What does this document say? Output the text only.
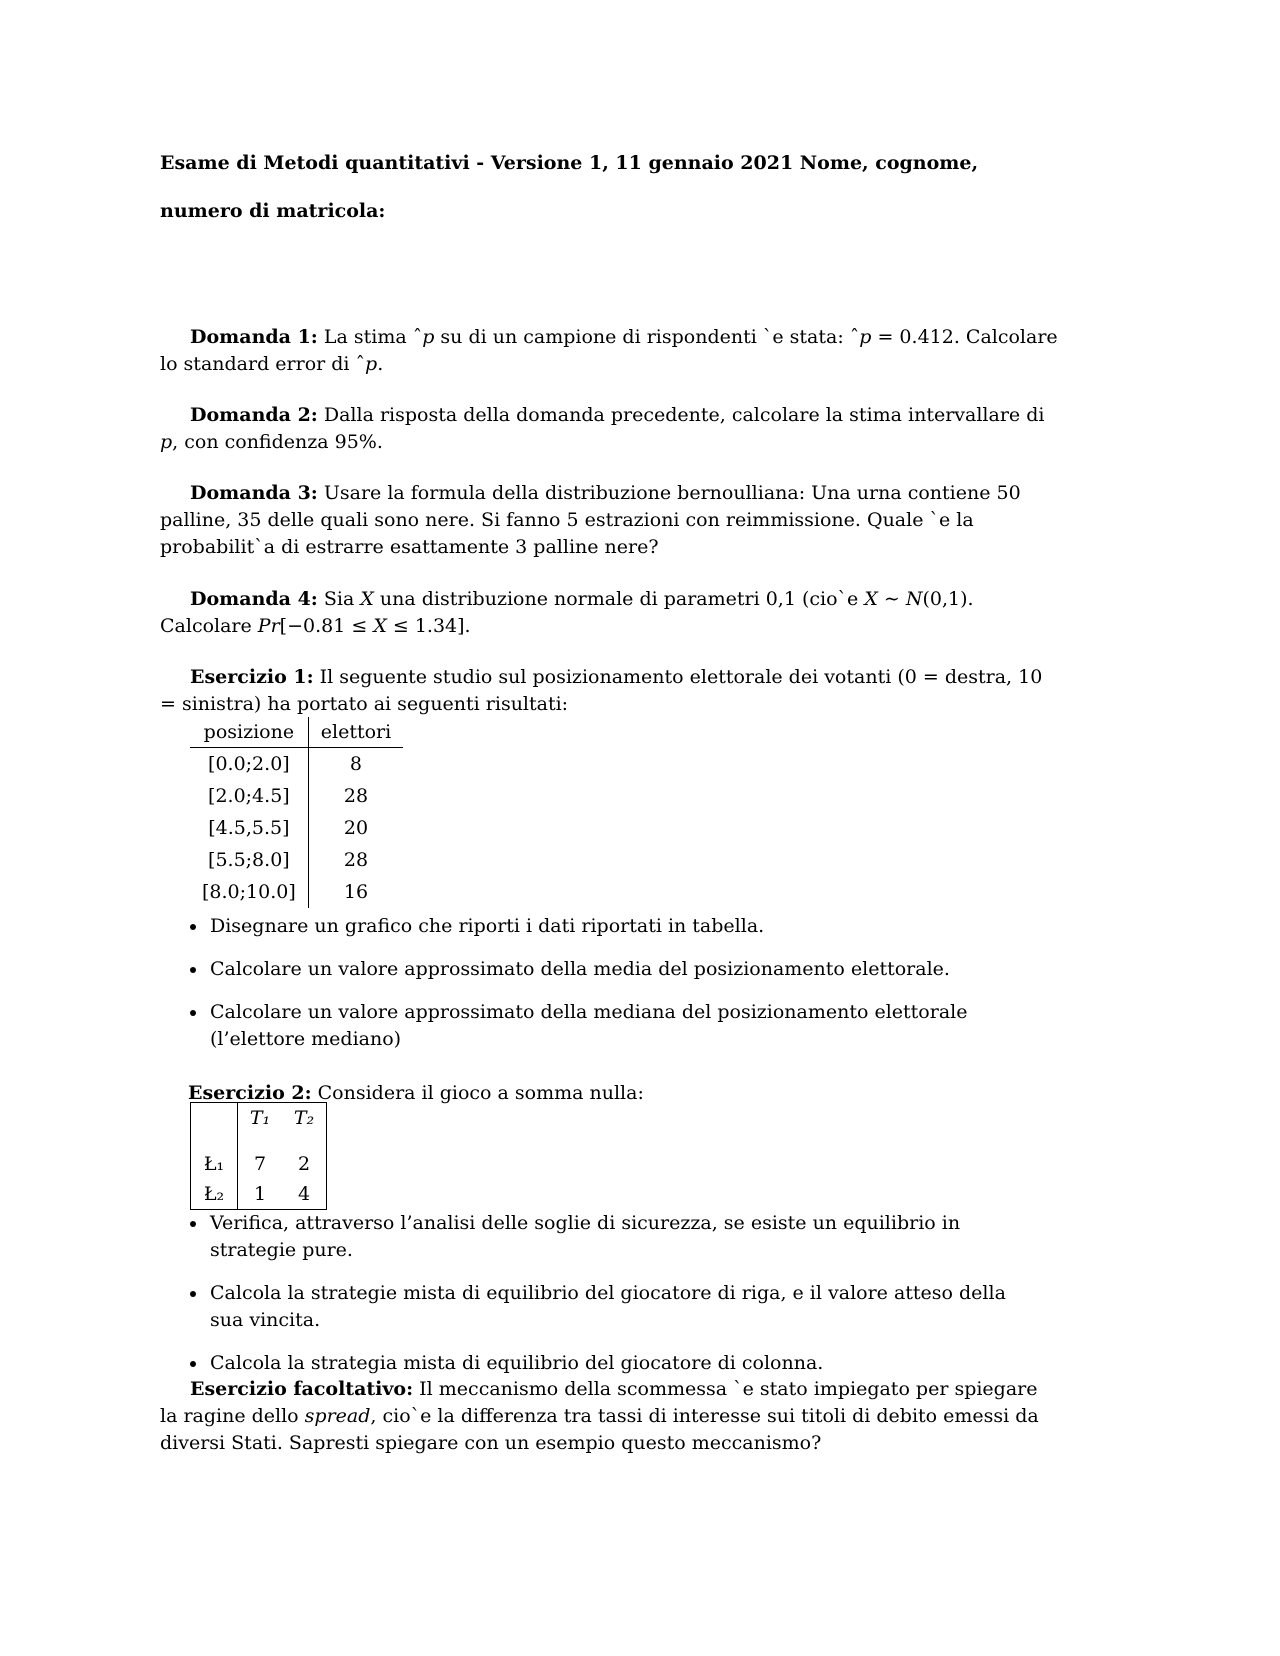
Esame di Metodi quantitativi - Versione 1, 11 gennaio 2021 Nome, cognome,

numero di matricola:

Domanda 1: La stima ˆp su di un campione di rispondenti `e stata: ˆp = 0.412. Calcolare lo standard error di ˆp.

Domanda 2: Dalla risposta della domanda precedente, calcolare la stima intervallare di p, con confidenza 95%.

Domanda 3: Usare la formula della distribuzione bernoulliana: Una urna contiene 50 palline, 35 delle quali sono nere. Si fanno 5 estrazioni con reimmissione. Quale `e la probabilit`a di estrarre esattamente 3 palline nere?

Domanda 4: Sia X una distribuzione normale di parametri 0,1 (cio`e X ∼ N(0,1). Calcolare Pr[−0.81 ≤ X ≤ 1.34].

Esercizio 1: Il seguente studio sul posizionamento elettorale dei votanti (0 = destra, 10 = sinistra) ha portato ai seguenti risultati:

posizione	elettori
[0.0;2.0]	8
[2.0;4.5]	28
[4.5,5.5]	20
[5.5;8.0]	28
[8.0;10.0]	16
Disegnare un grafico che riporti i dati riportati in tabella.
Calcolare un valore approssimato della media del posizionamento elettorale.
Calcolare un valore approssimato della mediana del posizionamento elettorale (l’elettore mediano)

Esercizio 2: Considera il gioco a somma nulla:

	T₁	T₂
Ł₁	7	2
Ł₂	1	4
Verifica, attraverso l’analisi delle soglie di sicurezza, se esiste un equilibrio in strategie pure.
Calcola la strategie mista di equilibrio del giocatore di riga, e il valore atteso della sua vincita.
Calcola la strategia mista di equilibrio del giocatore di colonna.

Esercizio facoltativo: Il meccanismo della scommessa `e stato impiegato per spiegare la ragine dello spread, cio`e la differenza tra tassi di interesse sui titoli di debito emessi da diversi Stati. Sapresti spiegare con un esempio questo meccanismo?
